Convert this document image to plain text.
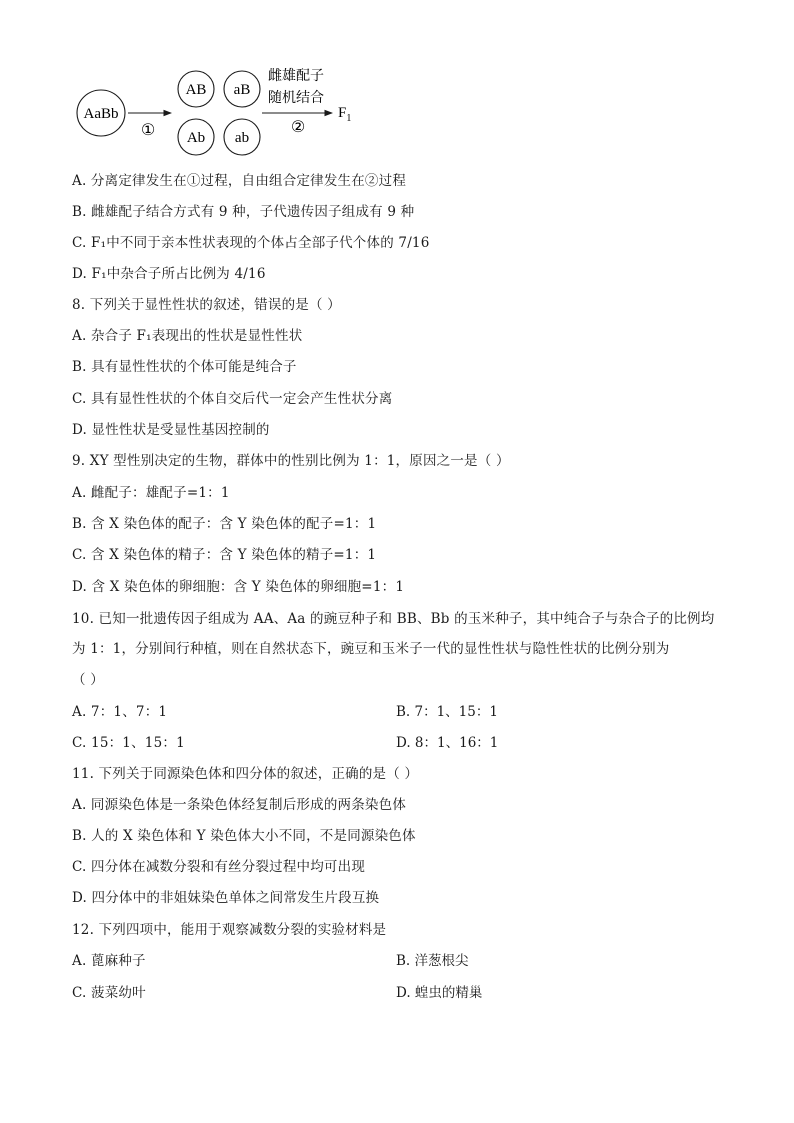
AaBb
①
AB aB
Ab ab
雌雄配子
随机结合
②
$F_1$
A. 分离定律发生在①过程，自由组合定律发生在②过程
B. 雌雄配子结合方式有 9 种，子代遗传因子组成有 9 种
C. F₁中不同于亲本性状表现的个体占全部子代个体的 7/16
D. F₁中杂合子所占比例为 4/16
8. 下列关于显性性状的叙述，错误的是（ ）
A. 杂合子 F₁表现出的性状是显性性状
B. 具有显性性状的个体可能是纯合子
C. 具有显性性状的个体自交后代一定会产生性状分离
D. 显性性状是受显性基因控制的
9. XY 型性别决定的生物，群体中的性别比例为 1：1，原因之一是（ ）
A. 雌配子：雄配子=1：1
B. 含 X 染色体的配子：含 Y 染色体的配子=1：1
C. 含 X 染色体的精子：含 Y 染色体的精子=1：1
D. 含 X 染色体的卵细胞：含 Y 染色体的卵细胞=1：1
10. 已知一批遗传因子组成为 AA、Aa 的豌豆种子和 BB、Bb 的玉米种子，其中纯合子与杂合子的比例均
为 1：1，分别间行种植，则在自然状态下，豌豆和玉米子一代的显性性状与隐性性状的比例分别为
（ ）
A. 7：1、7：1	B. 7：1、15：1
C. 15：1、15：1	D. 8：1、16：1
11. 下列关于同源染色体和四分体的叙述，正确的是（ ）
A. 同源染色体是一条染色体经复制后形成的两条染色体
B. 人的 X 染色体和 Y 染色体大小不同，不是同源染色体
C. 四分体在减数分裂和有丝分裂过程中均可出现
D. 四分体中的非姐妹染色单体之间常发生片段互换
12. 下列四项中，能用于观察减数分裂的实验材料是
A. 蓖麻种子	B. 洋葱根尖
C. 菠菜幼叶	D. 蝗虫的精巢
